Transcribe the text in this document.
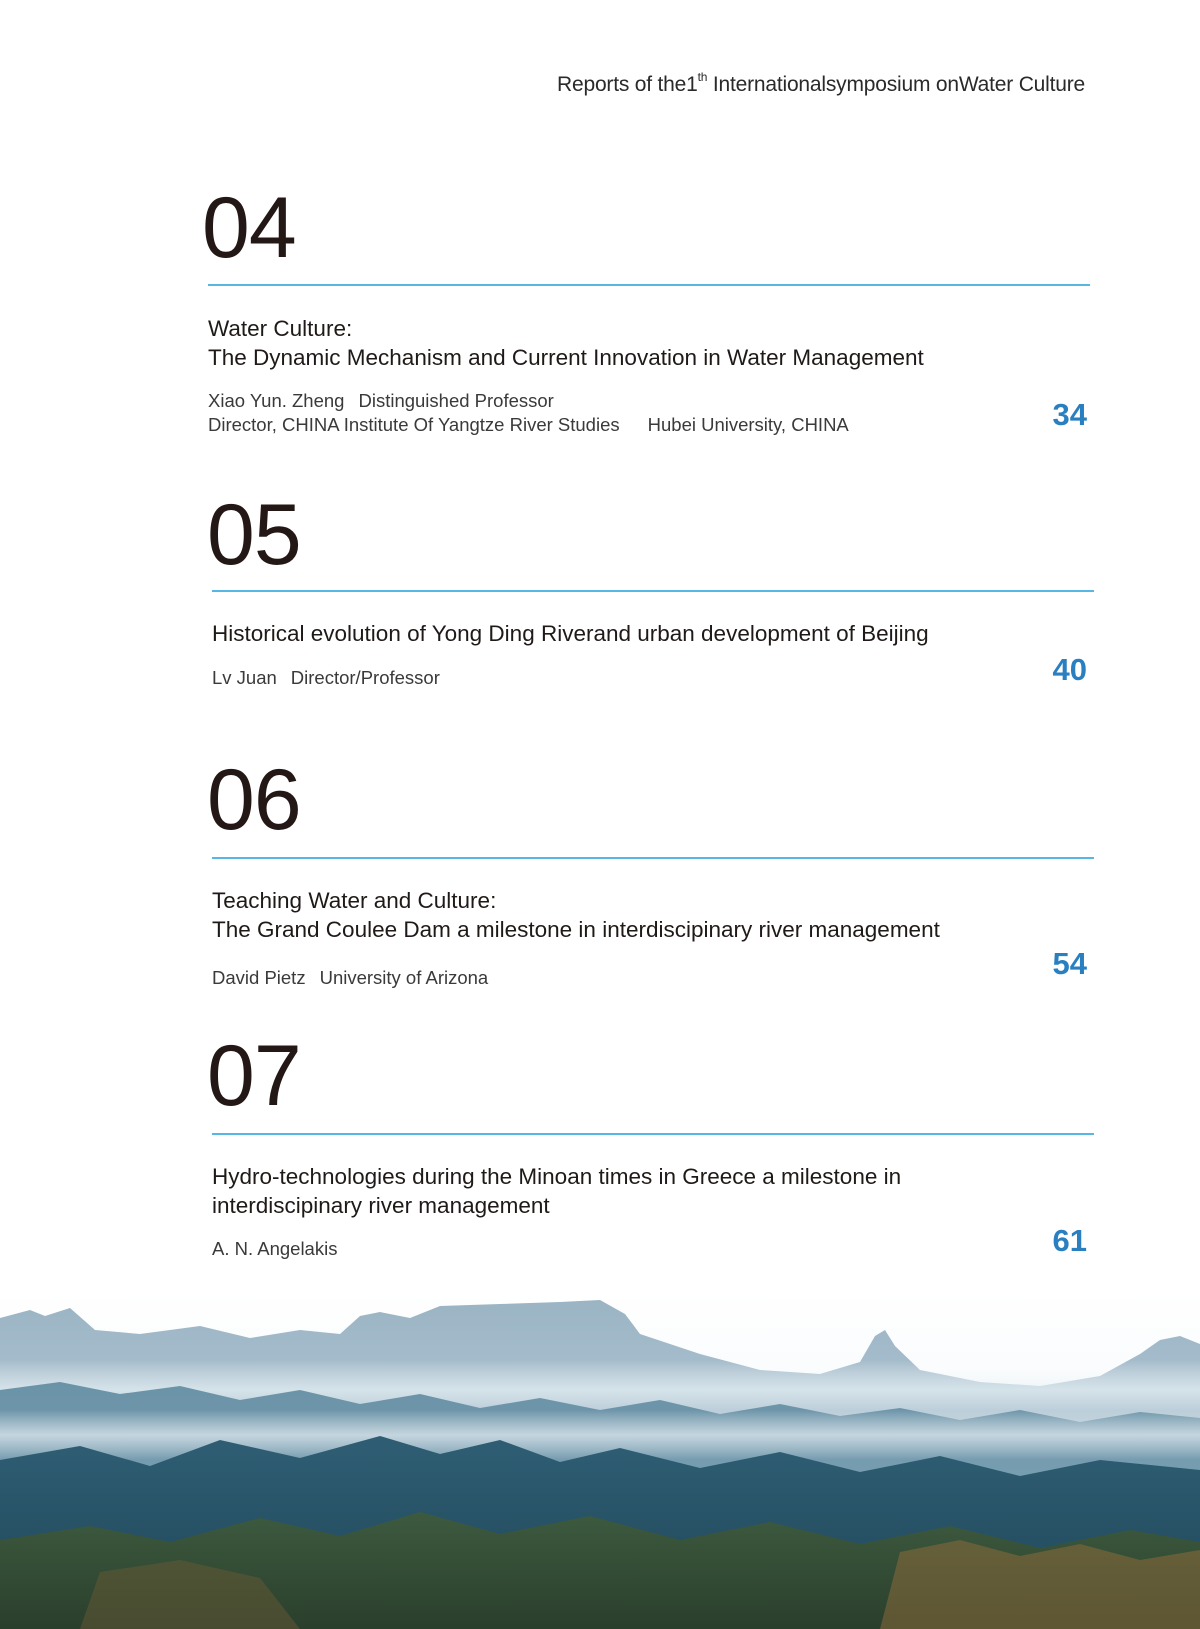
Reports of the1th Internationalsymposium onWater Culture
04
Water Culture:
The Dynamic Mechanism and Current Innovation in Water Management
Xiao Yun. Zheng Distinguished Professor
Director, CHINA Institute Of Yangtze River Studies Hubei University, CHINA	34
05
Historical evolution of Yong Ding Riverand urban development of Beijing
Lv Juan Director/Professor	40
06
Teaching Water and Culture:
The Grand Coulee Dam a milestone in interdiscipinary river management
David Pietz University of Arizona	54
07
Hydro-technologies during the Minoan times in Greece a milestone in
interdiscipinary river management
A. N. Angelakis	61
